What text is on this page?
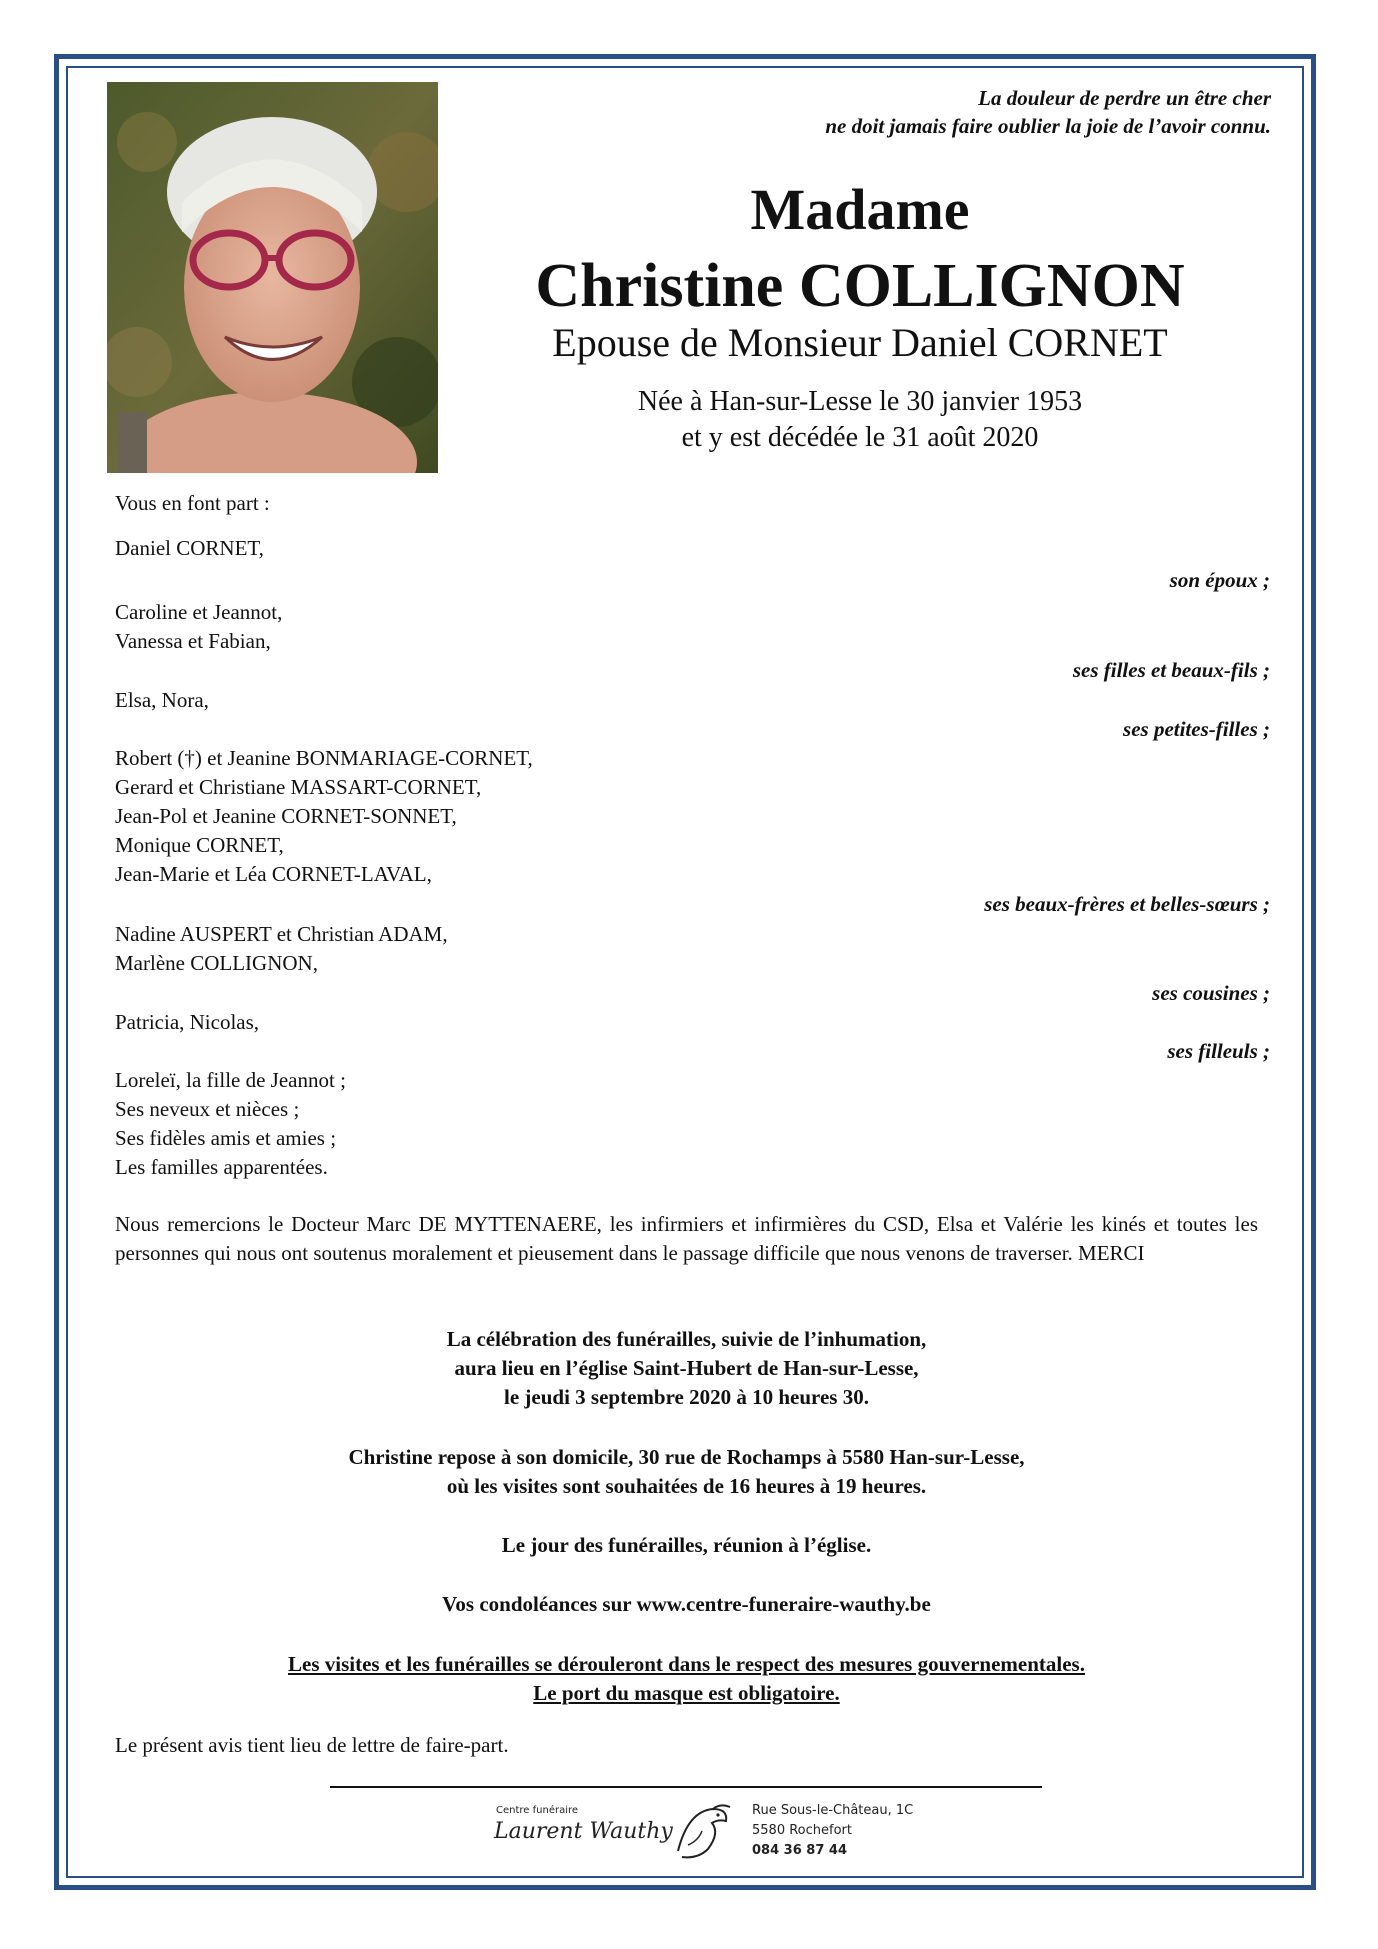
La douleur de perdre un être cher
ne doit jamais faire oublier la joie de l’avoir connu.
Madame
Christine COLLIGNON
Epouse de Monsieur Daniel CORNET
Née à Han-sur-Lesse le 30 janvier 1953
et y est décédée le 31 août 2020
Vous en font part :
Daniel CORNET,
son époux ;
Caroline et Jeannot,
Vanessa et Fabian,
ses filles et beaux-fils ;
Elsa, Nora,
ses petites-filles ;
Robert (†) et Jeanine BONMARIAGE-CORNET,
Gerard et Christiane MASSART-CORNET,
Jean-Pol et Jeanine CORNET-SONNET,
Monique CORNET,
Jean-Marie et Léa CORNET-LAVAL,
ses beaux-frères et belles-sœurs ;
Nadine AUSPERT et Christian ADAM,
Marlène COLLIGNON,
ses cousines ;
Patricia, Nicolas,
ses filleuls ;
Loreleï, la fille de Jeannot ;
Ses neveux et nièces ;
Ses fidèles amis et amies ;
Les familles apparentées.
Nous remercions le Docteur Marc DE MYTTENAERE, les infirmiers et infirmières du CSD, Elsa et Valérie les kinés et toutes les personnes qui nous ont soutenus moralement et pieusement dans le passage difficile que nous venons de traverser. MERCI
La célébration des funérailles, suivie de l’inhumation,
aura lieu en l’église Saint-Hubert de Han-sur-Lesse,
le jeudi 3 septembre 2020 à 10 heures 30.
Christine repose à son domicile, 30 rue de Rochamps à 5580 Han-sur-Lesse,
où les visites sont souhaitées de 16 heures à 19 heures.
Le jour des funérailles, réunion à l’église.
Vos condoléances sur www.centre-funeraire-wauthy.be
Les visites et les funérailles se dérouleront dans le respect des mesures gouvernementales.
Le port du masque est obligatoire.
Le présent avis tient lieu de lettre de faire-part.
Centre funéraire
Laurent Wauthy
Rue Sous-le-Château, 1C
5580 Rochefort
084 36 87 44
